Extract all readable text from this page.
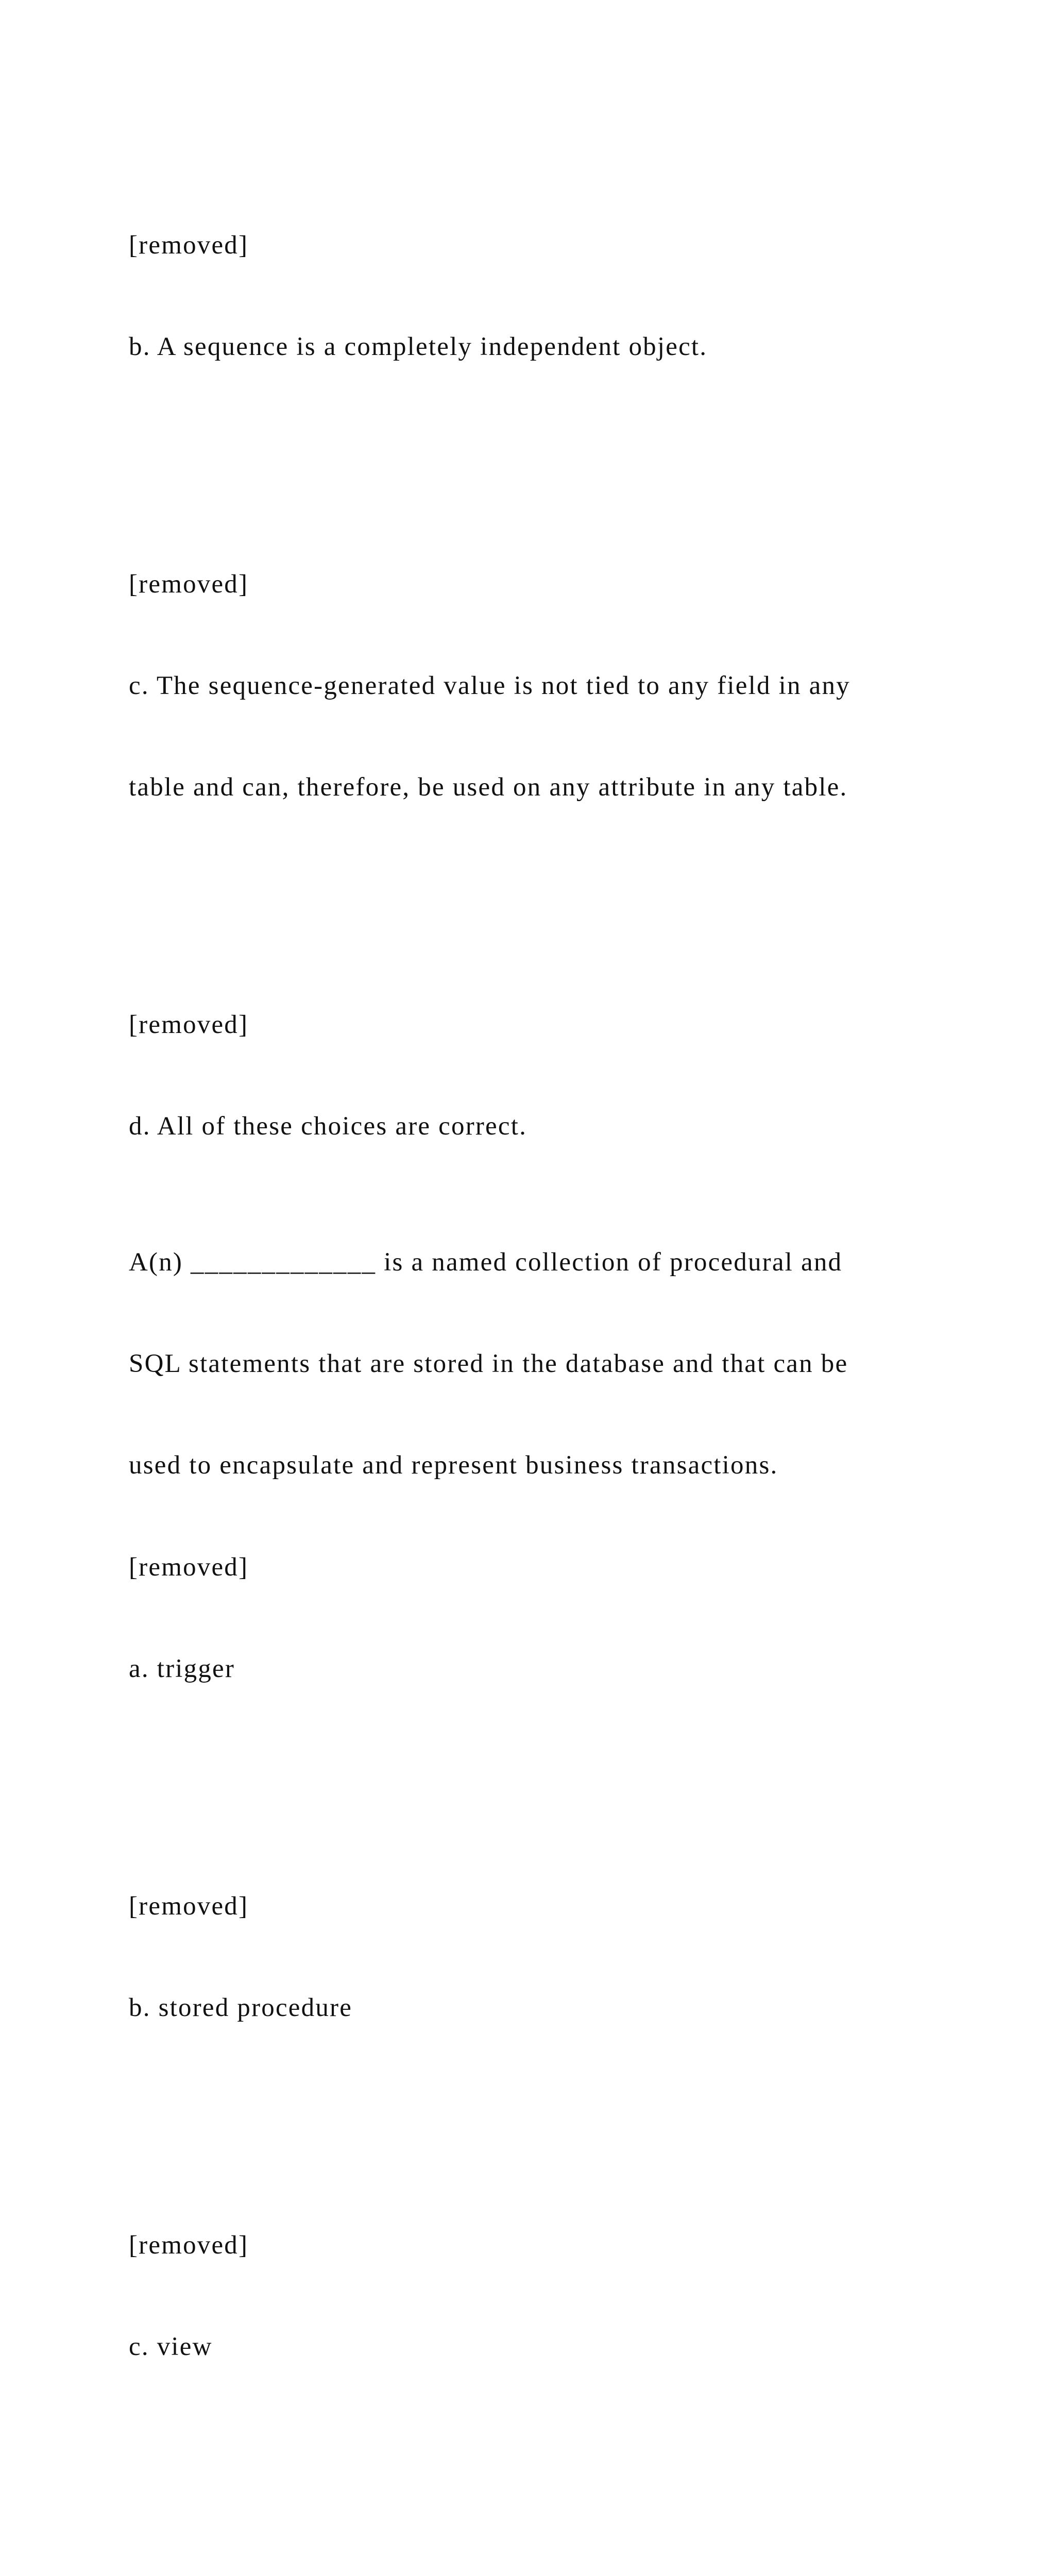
[removed]

b. A sequence is a completely independent object.

[removed]

c. The sequence-generated value is not tied to any field in any

table and can, therefore, be used on any attribute in any table.

[removed]

d. All of these choices are correct.

A(n) _____________ is a named collection of procedural and

SQL statements that are stored in the database and that can be

used to encapsulate and represent business transactions.

[removed]

a. trigger

[removed]

b. stored procedure

[removed]

c. view
